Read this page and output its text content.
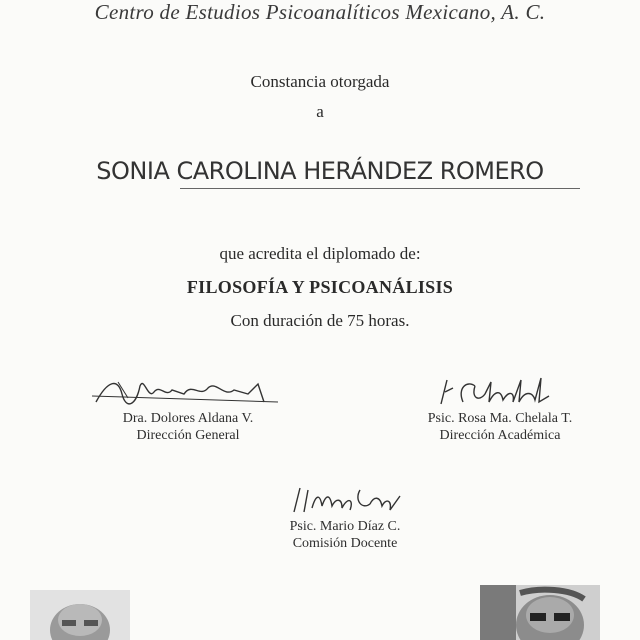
Centro de Estudios Psicoanalíticos Mexicano, A. C.
Constancia otorgada
a
SONIA CAROLINA HERÁNDEZ ROMERO
que acredita el diplomado de:
FILOSOFÍA Y PSICOANÁLISIS
Con duración de 75 horas.
Dra. Dolores Aldana V.
Dirección General
Psic. Rosa Ma. Chelala T.
Dirección Académica
Psic. Mario Díaz C.
Comisión Docente
